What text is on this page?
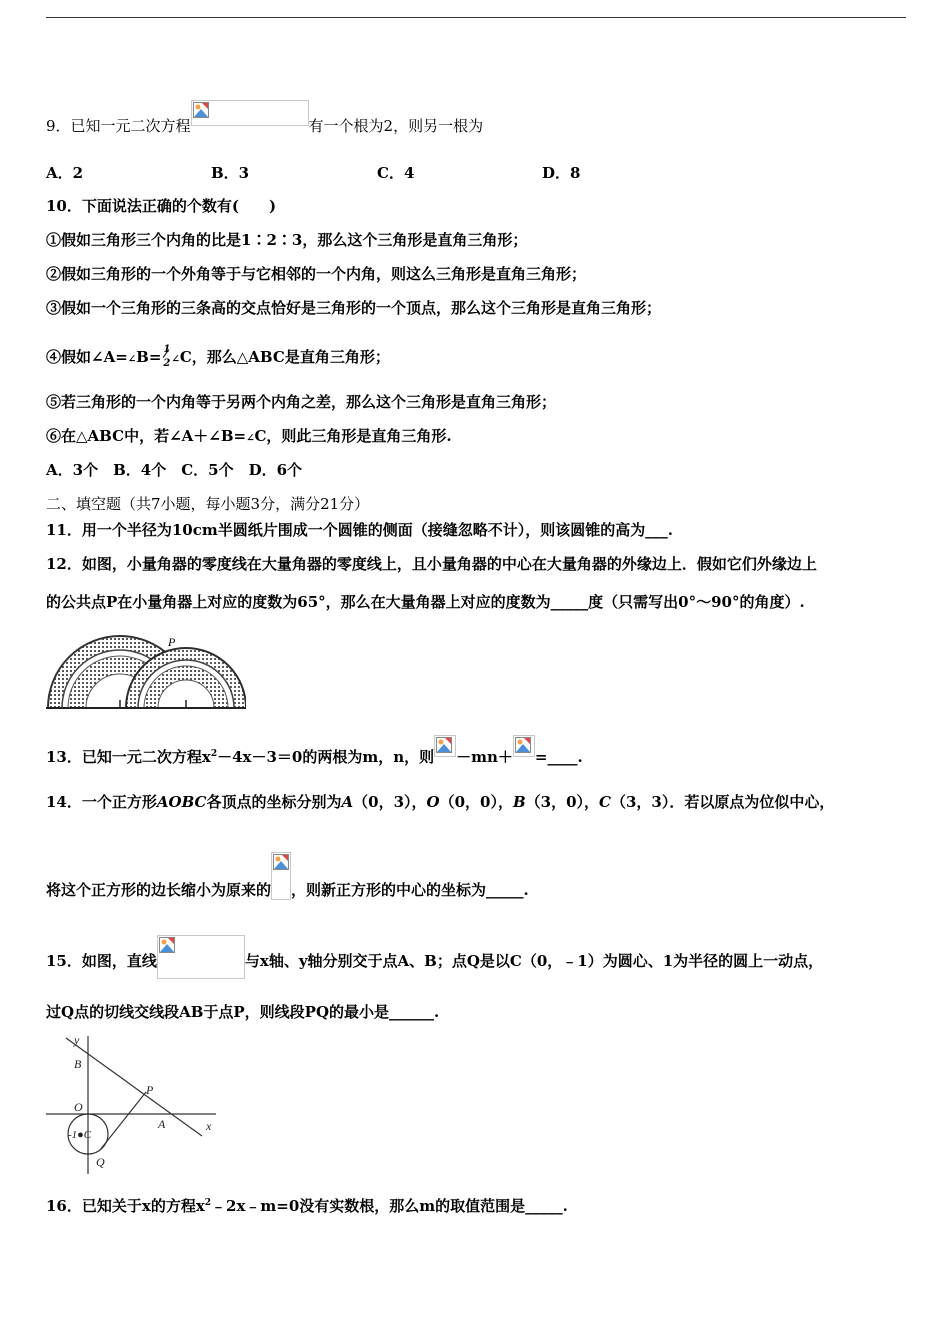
9．已知一元二次方程	有一个根为2，则另一根为
A．2	B．3	C．4	D．8
10．下面说法正确的个数有(　　)
①假如三角形三个内角的比是1∶2∶3，那么这个三角形是直角三角形；
②假如三角形的一个外角等于与它相邻的一个内角，则这么三角形是直角三角形；
③假如一个三角形的三条高的交点恰好是三角形的一个顶点，那么这个三角形是直角三角形；
④假如∠A=∠B= 1
2 ∠C，那么△ABC是直角三角形；
⑤若三角形的一个内角等于另两个内角之差，那么这个三角形是直角三角形；
⑥在△ABC中，若∠A＋∠B=∠C，则此三角形是直角三角形.
A．3个　B．4个　C．5个　D．6个
二、填空题（共7小题，每小题3分，满分21分）
11．用一个半径为10cm半圆纸片围成一个圆锥的侧面（接缝忽略不计），则该圆锥的高为___.
12．如图，小量角器的零度线在大量角器的零度线上，且小量角器的中心在大量角器的外缘边上．假如它们外缘边上
的公共点P在小量角器上对应的度数为65°，那么在大量角器上对应的度数为_____度（只需写出0°～90°的角度）.
P
13．已知一元二次方程$x^2-4x-3=0$的两根为m，n，则 －mn＋ =____.
14．一个正方形AOBC各顶点的坐标分别为A（0，3），O（0，0），B（3，0），C（3，3）．若以原点为位似中心，
将这个正方形的边长缩小为原来的 ，则新正方形的中心的坐标为_____.
15．如图，直线	与x轴、y轴分别交于点A、B；点Q是以C（0，﹣1）为圆心、1为半径的圆上一动点，
过Q点的切线交线段AB于点P，则线段PQ的最小是______.
y
B
P
O
A	x
-1●C
Q
16．已知关于x的方程$x^2﹣2x﹣m=0$没有实数根，那么m的取值范围是_____.
